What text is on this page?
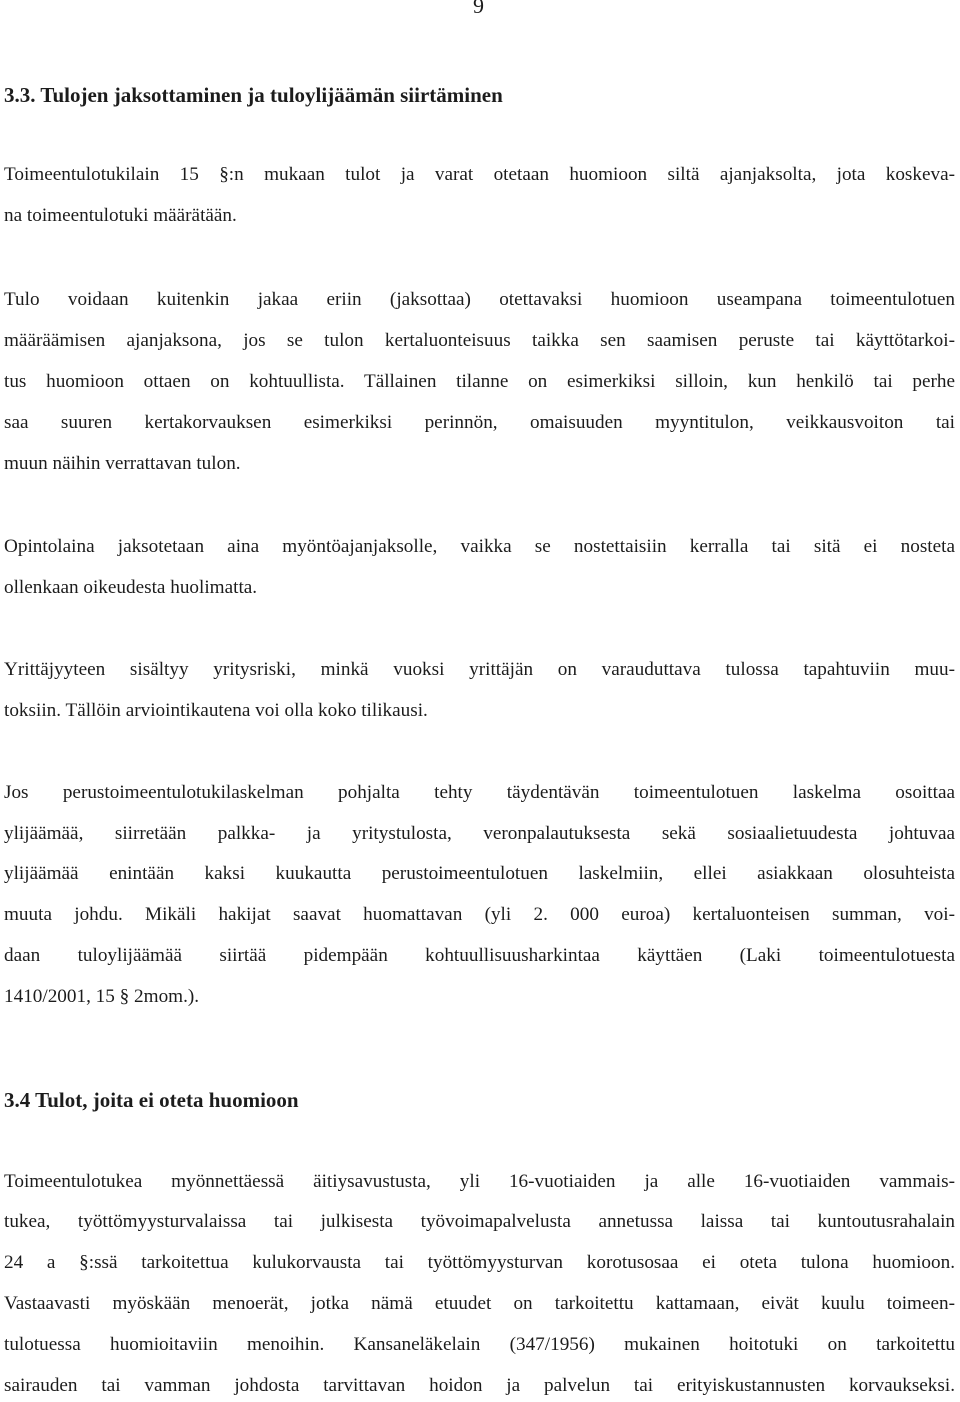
9
3.3. Tulojen jaksottaminen ja tuloylijäämän siirtäminen
Toimeentulotukilain 15 §:n mukaan tulot ja varat otetaan huomioon siltä ajanjaksolta, jota koskeva-
na toimeentulotuki määrätään.
Tulo voidaan kuitenkin jakaa eriin (jaksottaa) otettavaksi huomioon useampana toimeentulotuen
määräämisen ajanjaksona, jos se tulon kertaluonteisuus taikka sen saamisen peruste tai käyttötarkoi-
tus huomioon ottaen on kohtuullista. Tällainen tilanne on esimerkiksi silloin, kun henkilö tai perhe
saa suuren kertakorvauksen esimerkiksi perinnön, omaisuuden myyntitulon, veikkausvoiton tai
muun näihin verrattavan tulon.
Opintolaina jaksotetaan aina myöntöajanjaksolle, vaikka se nostettaisiin kerralla tai sitä ei nosteta
ollenkaan oikeudesta huolimatta.
Yrittäjyyteen sisältyy yritysriski, minkä vuoksi yrittäjän on varauduttava tulossa tapahtuviin muu-
toksiin. Tällöin arviointikautena voi olla koko tilikausi.
Jos perustoimeentulotukilaskelman pohjalta tehty täydentävän toimeentulotuen laskelma osoittaa
ylijäämää, siirretään palkka- ja yritystulosta, veronpalautuksesta sekä sosiaalietuudesta johtuvaa
ylijäämää enintään kaksi kuukautta perustoimeentulotuen laskelmiin, ellei asiakkaan olosuhteista
muuta johdu. Mikäli hakijat saavat huomattavan (yli 2. 000 euroa) kertaluonteisen summan, voi-
daan tuloylijäämää siirtää pidempään kohtuullisuusharkintaa käyttäen (Laki toimeentulotuesta
1410/2001, 15 § 2mom.).
3.4 Tulot, joita ei oteta huomioon
Toimeentulotukea myönnettäessä äitiysavustusta, yli 16-vuotiaiden ja alle 16-vuotiaiden vammais-
tukea, työttömyysturvalaissa tai julkisesta työvoimapalvelusta annetussa laissa tai kuntoutusrahalain
24 a §:ssä tarkoitettua kulukorvausta tai työttömyysturvan korotusosaa ei oteta tulona huomioon.
Vastaavasti myöskään menoerät, jotka nämä etuudet on tarkoitettu kattamaan, eivät kuulu toimeen-
tulotuessa huomioitaviin menoihin. Kansaneläkelain (347/1956) mukainen hoitotuki on tarkoitettu
sairauden tai vamman johdosta tarvittavan hoidon ja palvelun tai erityiskustannusten korvaukseksi.
